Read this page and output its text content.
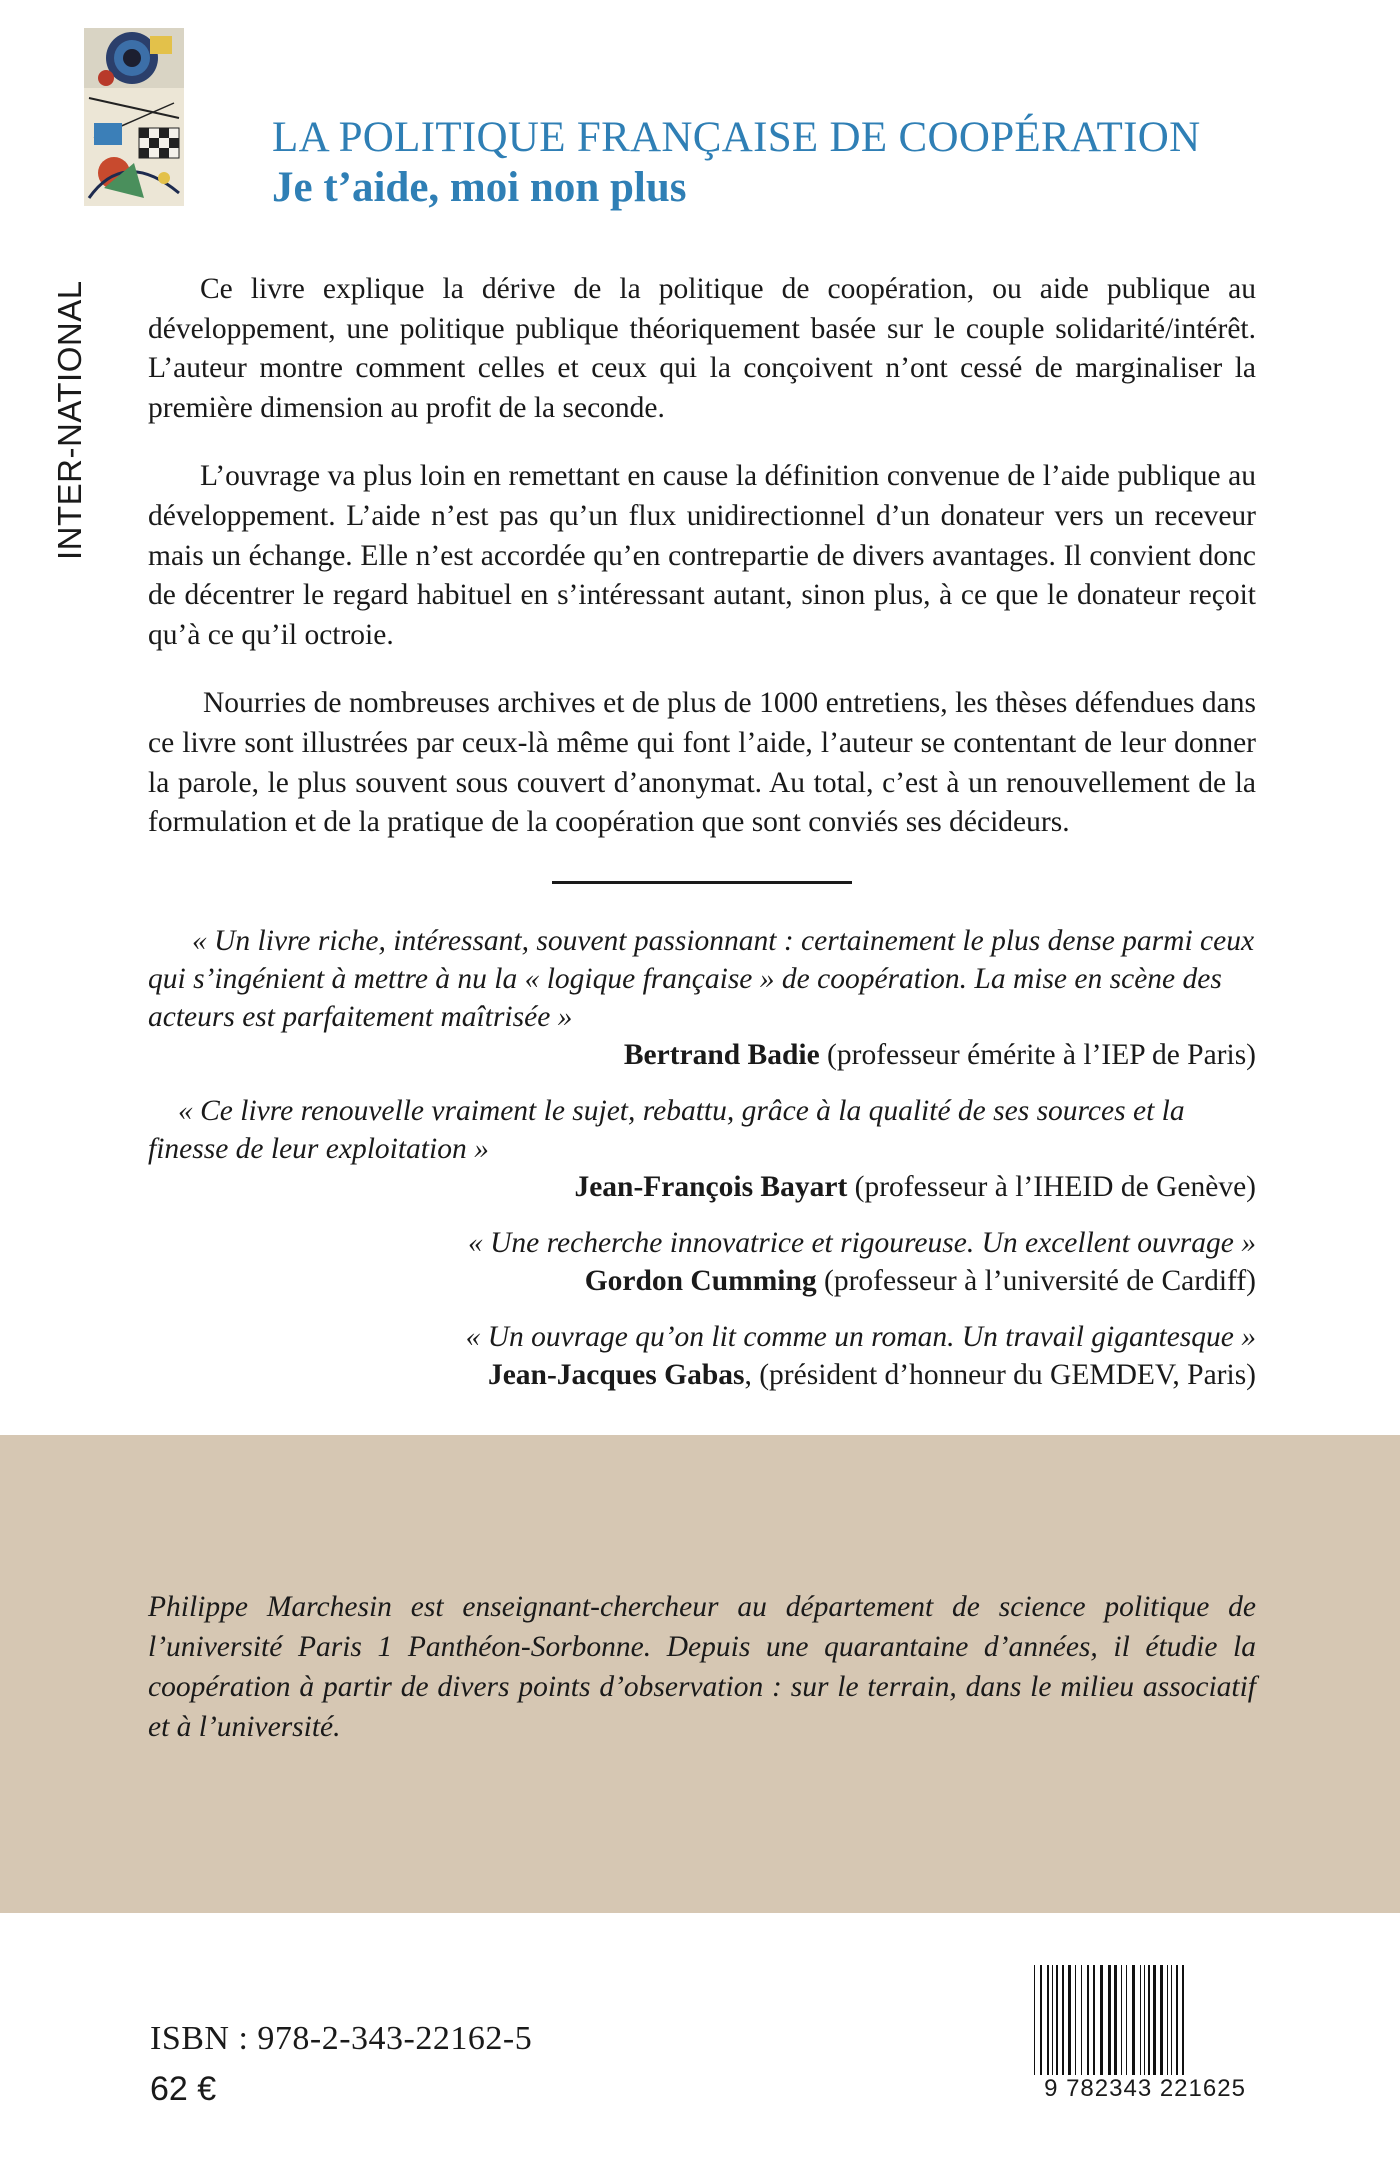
LA POLITIQUE FRANÇAISE DE COOPÉRATION
Je t’aide, moi non plus
INTER-NATIONAL	Ce livre explique la dérive de la politique de coopération, ou aide publique au développement, une politique publique théoriquement basée sur le couple solidarité/intérêt. L’auteur montre comment celles et ceux qui la conçoivent n’ont cessé de marginaliser la première dimension au profit de la seconde.

L’ouvrage va plus loin en remettant en cause la définition convenue de l’aide publique au développement. L’aide n’est pas qu’un flux unidirectionnel d’un donateur vers un receveur mais un échange. Elle n’est accordée qu’en contrepartie de divers avantages. Il convient donc de décentrer le regard habituel en s’intéressant autant, sinon plus, à ce que le donateur reçoit qu’à ce qu’il octroie.

Nourries de nombreuses archives et de plus de 1000 entretiens, les thèses défendues dans ce livre sont illustrées par ceux-là même qui font l’aide, l’auteur se contentant de leur donner la parole, le plus souvent sous couvert d’anonymat. Au total, c’est à un renouvellement de la formulation et de la pratique de la coopération que sont conviés ses décideurs.

« Un livre riche, intéressant, souvent passionnant : certainement le plus dense parmi ceux qui s’ingénient à mettre à nu la « logique française » de coopération. La mise en scène des acteurs est parfaitement maîtrisée »
Bertrand Badie (professeur émérite à l’IEP de Paris)
« Ce livre renouvelle vraiment le sujet, rebattu, grâce à la qualité de ses sources et la finesse de leur exploitation »
Jean-François Bayart (professeur à l’IHEID de Genève)
« Une recherche innovatrice et rigoureuse. Un excellent ouvrage »
Gordon Cumming (professeur à l’université de Cardiff)
« Un ouvrage qu’on lit comme un roman. Un travail gigantesque »
Jean-Jacques Gabas, (président d’honneur du GEMDEV, Paris)
Philippe Marchesin est enseignant-chercheur au département de science politique de l’université Paris 1 Panthéon-Sorbonne. Depuis une quarantaine d’années, il étudie la coopération à partir de divers points d’observation : sur le terrain, dans le milieu associatif et à l’université.
ISBN : 978-2-343-22162-5
62 €	9 782343 221625
